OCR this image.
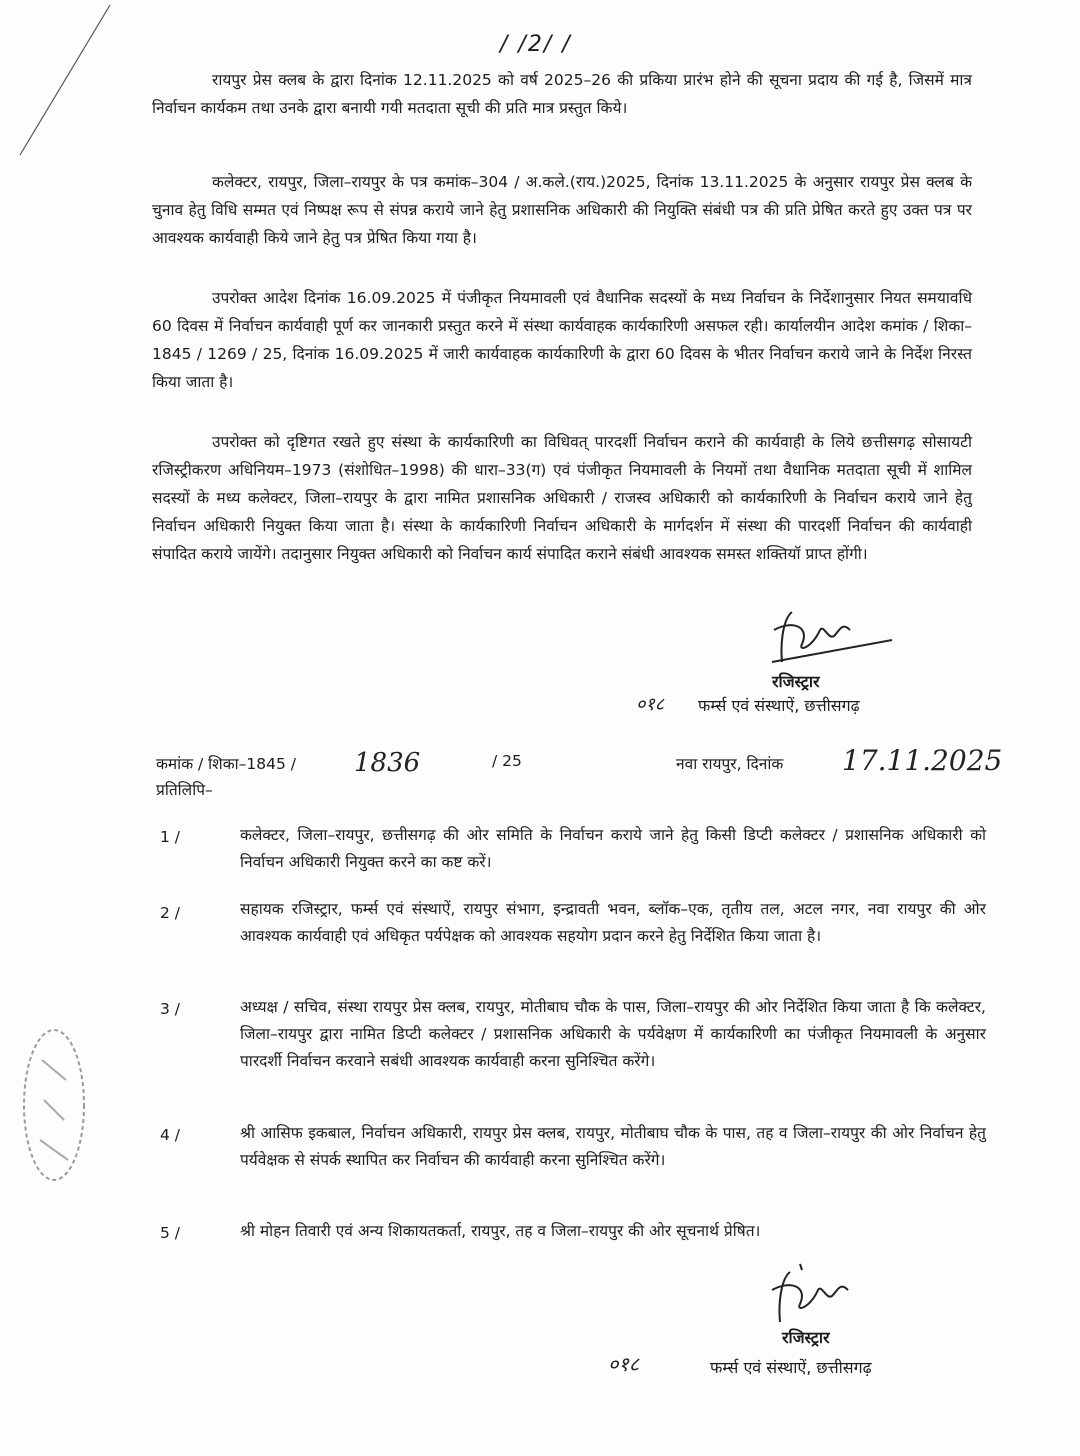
/ /2/ /
रायपुर प्रेस क्लब के द्वारा दिनांक 12.11.2025 को वर्ष 2025–26 की प्रकिया प्रारंभ होने की सूचना प्रदाय की गई है, जिसमें मात्र निर्वाचन कार्यकम तथा उनके द्वारा बनायी गयी मतदाता सूची की प्रति मात्र प्रस्तुत किये।
कलेक्टर, रायपुर, जिला–रायपुर के पत्र कमांक–304 / अ.कले.(राय.)2025, दिनांक 13.11.2025 के अनुसार रायपुर प्रेस क्लब के चुनाव हेतु विधि सम्मत एवं निष्पक्ष रूप से संपन्न कराये जाने हेतु प्रशासनिक अधिकारी की नियुक्ति संबंधी पत्र की प्रति प्रेषित करते हुए उक्त पत्र पर आवश्यक कार्यवाही किये जाने हेतु पत्र प्रेषित किया गया है।
उपरोक्त आदेश दिनांक 16.09.2025 में पंजीकृत नियमावली एवं वैधानिक सदस्यों के मध्य निर्वाचन के निर्देशानुसार नियत समयावधि 60 दिवस में निर्वाचन कार्यवाही पूर्ण कर जानकारी प्रस्तुत करने में संस्था कार्यवाहक कार्यकारिणी असफल रही। कार्यालयीन आदेश कमांक / शिका–1845 / 1269 / 25, दिनांक 16.09.2025 में जारी कार्यवाहक कार्यकारिणी के द्वारा 60 दिवस के भीतर निर्वाचन कराये जाने के निर्देश निरस्त किया जाता है।
उपरोक्त को दृष्टिगत रखते हुए संस्था के कार्यकारिणी का विधिवत् पारदर्शी निर्वाचन कराने की कार्यवाही के लिये छत्तीसगढ़ सोसायटी रजिस्ट्रीकरण अधिनियम–1973 (संशोधित–1998) की धारा–33(ग) एवं पंजीकृत नियमावली के नियमों तथा वैधानिक मतदाता सूची में शामिल सदस्यों के मध्य कलेक्टर, जिला–रायपुर के द्वारा नामित प्रशासनिक अधिकारी / राजस्व अधिकारी को कार्यकारिणी के निर्वाचन कराये जाने हेतु निर्वाचन अधिकारी नियुक्त किया जाता है। संस्था के कार्यकारिणी निर्वाचन अधिकारी के मार्गदर्शन में संस्था की पारदर्शी निर्वाचन की कार्यवाही संपादित कराये जायेंगे। तदानुसार नियुक्त अधिकारी को निर्वाचन कार्य संपादित कराने संबंधी आवश्यक समस्त शक्तियॉ प्राप्त होंगी।
रजिस्ट्रार
०१८ फर्म्स एवं संस्थाऐं, छत्तीसगढ़
कमांक / शिका–1845 / 1836	/ 25	नवा रायपुर, दिनांक 17.11.2025
प्रतिलिपि–
1 /	कलेक्टर, जिला–रायपुर, छत्तीसगढ़ की ओर समिति के निर्वाचन कराये जाने हेतु किसी डिप्टी कलेक्टर / प्रशासनिक अधिकारी को निर्वाचन अधिकारी नियुक्त करने का कष्ट करें।
2 /	सहायक रजिस्ट्रार, फर्म्स एवं संस्थाऐं, रायपुर संभाग, इन्द्रावती भवन, ब्लॉक–एक, तृतीय तल, अटल नगर, नवा रायपुर की ओर आवश्यक कार्यवाही एवं अधिकृत पर्यपेक्षक को आवश्यक सहयोग प्रदान करने हेतु निर्देशित किया जाता है।
3 /	अध्यक्ष / सचिव, संस्था रायपुर प्रेस क्लब, रायपुर, मोतीबाघ चौक के पास, जिला–रायपुर की ओर निर्देशित किया जाता है कि कलेक्टर, जिला–रायपुर द्वारा नामित डिप्टी कलेक्टर / प्रशासनिक अधिकारी के पर्यवेक्षण में कार्यकारिणी का पंजीकृत नियमावली के अनुसार पारदर्शी निर्वाचन करवाने सबंधी आवश्यक कार्यवाही करना सुनिश्चित करेंगे।
4 /	श्री आसिफ इकबाल, निर्वाचन अधिकारी, रायपुर प्रेस क्लब, रायपुर, मोतीबाघ चौक के पास, तह व जिला–रायपुर की ओर निर्वाचन हेतु पर्यवेक्षक से संपर्क स्थापित कर निर्वाचन की कार्यवाही करना सुनिश्चित करेंगे।
5 /	श्री मोहन तिवारी एवं अन्य शिकायतकर्ता, रायपुर, तह व जिला–रायपुर की ओर सूचनार्थ प्रेषित।
रजिस्ट्रार
०१८	फर्म्स एवं संस्थाऐं, छत्तीसगढ़
